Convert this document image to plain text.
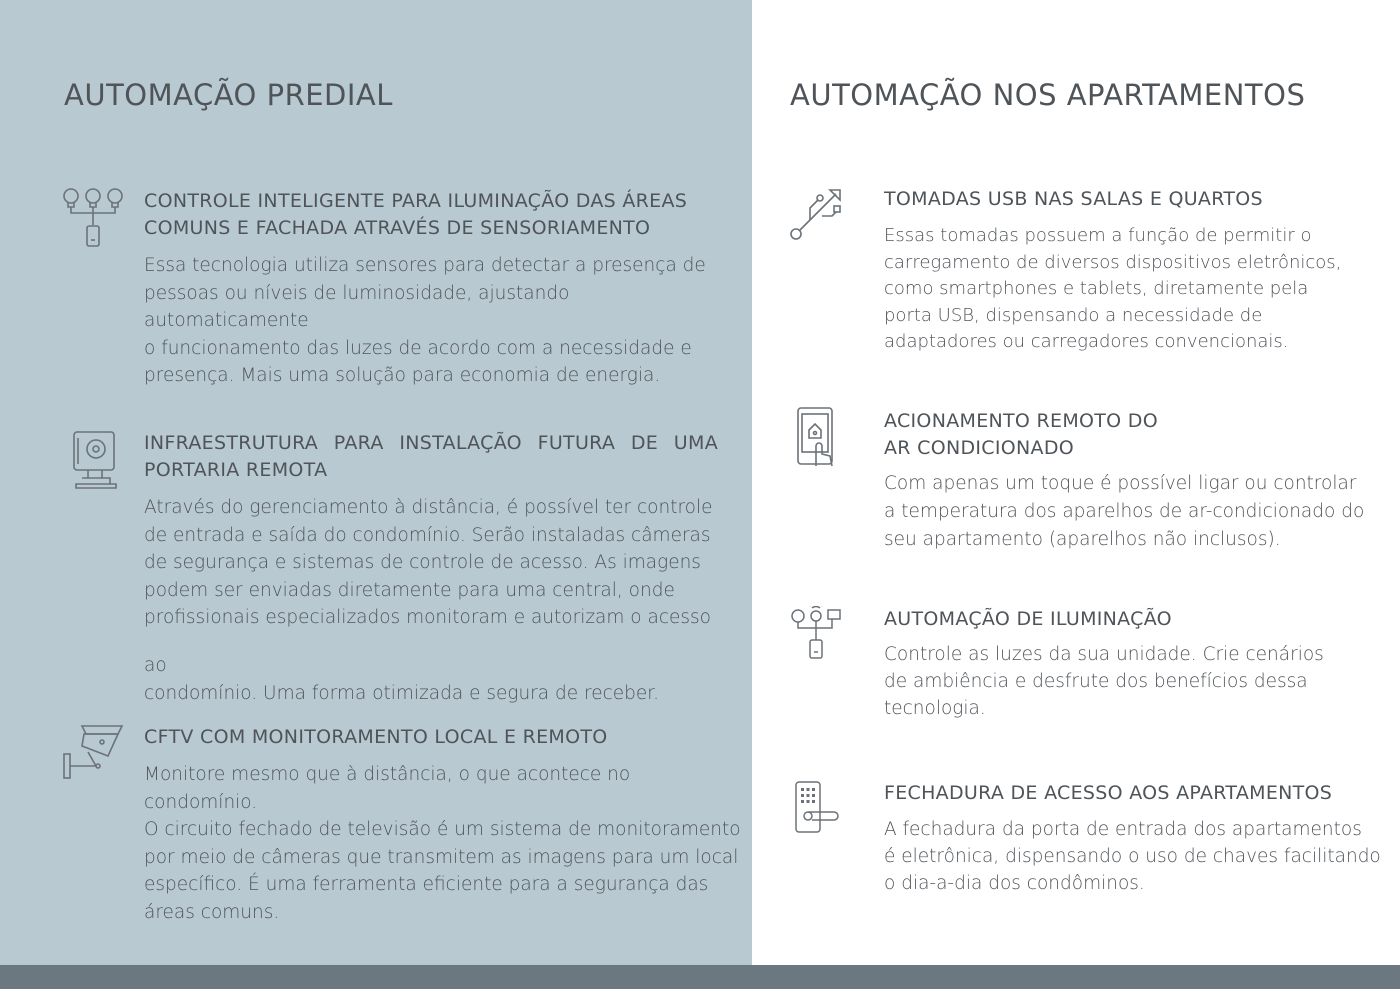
AUTOMAÇÃO PREDIAL	AUTOMAÇÃO NOS APARTAMENTOS

CONTROLE INTELIGENTE PARA ILUMINAÇÃO DAS ÁREAS
COMUNS E FACHADA ATRAVÉS DE SENSORIAMENTO

Essa tecnologia utiliza sensores para detectar a presença de
pessoas ou níveis de luminosidade, ajustando automaticamente
o funcionamento das luzes de acordo com a necessidade e
presença. Mais uma solução para economia de energia.

INFRAESTRUTURA PARA INSTALAÇÃO FUTURA DE UMA
PORTARIA REMOTA

Através do gerenciamento à distância, é possível ter controle
de entrada e saída do condomínio. Serão instaladas câmeras
de segurança e sistemas de controle de acesso. As imagens
podem ser enviadas diretamente para uma central, onde
profissionais especializados monitoram e autorizam o acesso

ao
condomínio. Uma forma otimizada e segura de receber.

CFTV COM MONITORAMENTO LOCAL E REMOTO

Monitore mesmo que à distância, o que acontece no condomínio.
O circuito fechado de televisão é um sistema de monitoramento
por meio de câmeras que transmitem as imagens para um local
específico. É uma ferramenta eficiente para a segurança das
áreas comuns.

TOMADAS USB NAS SALAS E QUARTOS

Essas tomadas possuem a função de permitir o
carregamento de diversos dispositivos eletrônicos,
como smartphones e tablets, diretamente pela
porta USB, dispensando a necessidade de
adaptadores ou carregadores convencionais.

ACIONAMENTO REMOTO DO
AR CONDICIONADO

Com apenas um toque é possível ligar ou controlar
a temperatura dos aparelhos de ar-condicionado do
seu apartamento (aparelhos não inclusos).

AUTOMAÇÃO DE ILUMINAÇÃO

Controle as luzes da sua unidade. Crie cenários
de ambiência e desfrute dos benefícios dessa
tecnologia.

FECHADURA DE ACESSO AOS APARTAMENTOS

A fechadura da porta de entrada dos apartamentos
é eletrônica, dispensando o uso de chaves facilitando
o dia-a-dia dos condôminos.
